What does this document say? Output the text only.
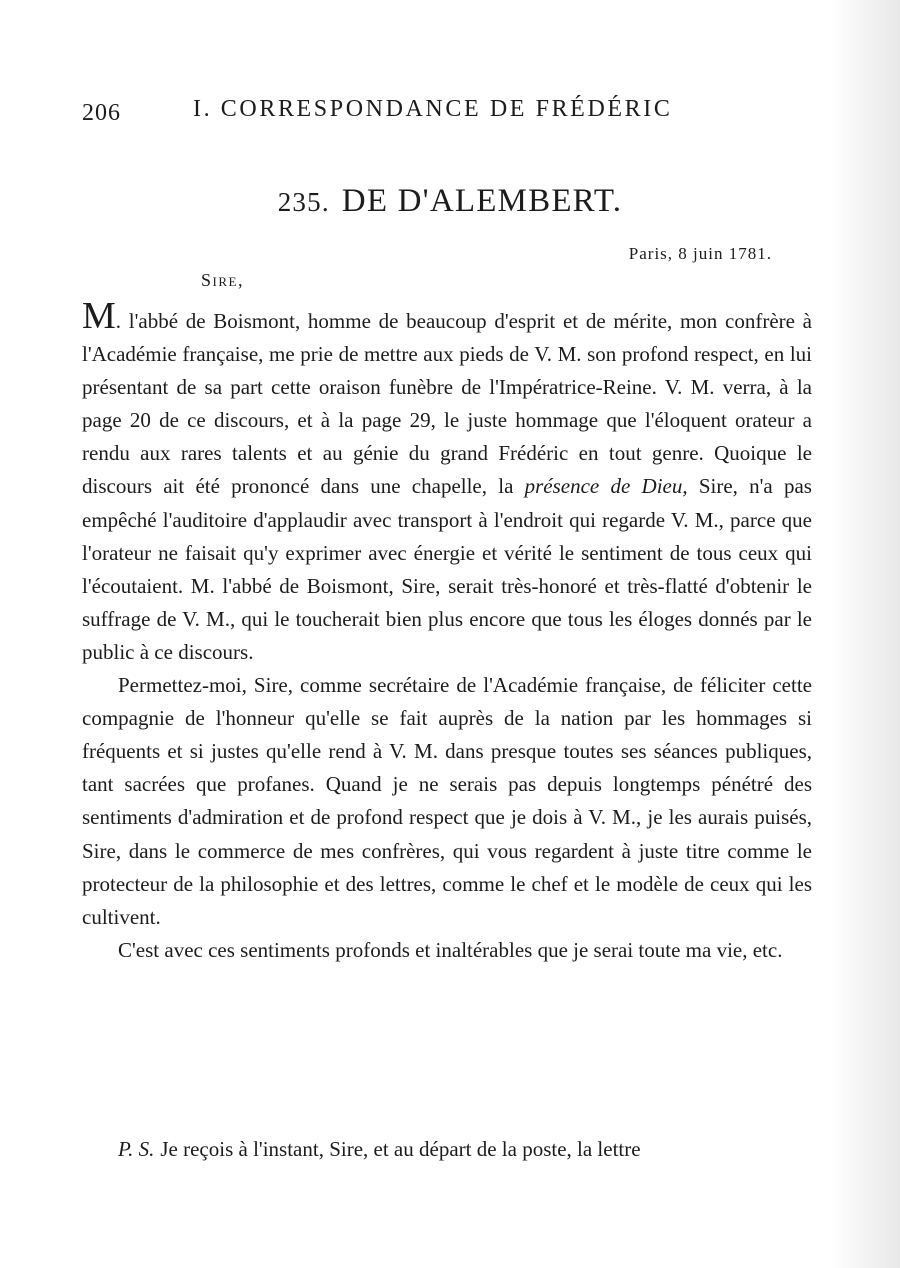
206	I. CORRESPONDANCE DE FRÉDÉRIC
235. DE D'ALEMBERT.
Paris, 8 juin 1781.
Sire,

M. l'abbé de Boismont, homme de beaucoup d'esprit et de mérite, mon confrère à l'Académie française, me prie de mettre aux pieds de V. M. son profond respect, en lui présentant de sa part cette oraison funèbre de l'Impératrice-Reine. V. M. verra, à la page 20 de ce discours, et à la page 29, le juste hommage que l'éloquent orateur a rendu aux rares talents et au génie du grand Frédéric en tout genre. Quoique le discours ait été prononcé dans une chapelle, la présence de Dieu, Sire, n'a pas empêché l'auditoire d'applaudir avec transport à l'endroit qui regarde V. M., parce que l'orateur ne faisait qu'y exprimer avec énergie et vérité le sentiment de tous ceux qui l'écoutaient. M. l'abbé de Boismont, Sire, serait très-honoré et très-flatté d'obtenir le suffrage de V. M., qui le toucherait bien plus encore que tous les éloges donnés par le public à ce discours.

Permettez-moi, Sire, comme secrétaire de l'Académie française, de féliciter cette compagnie de l'honneur qu'elle se fait auprès de la nation par les hommages si fréquents et si justes qu'elle rend à V. M. dans presque toutes ses séances publiques, tant sacrées que profanes. Quand je ne serais pas depuis longtemps pénétré des sentiments d'admiration et de profond respect que je dois à V. M., je les aurais puisés, Sire, dans le commerce de mes confrères, qui vous regardent à juste titre comme le protecteur de la philosophie et des lettres, comme le chef et le modèle de ceux qui les cultivent.

C'est avec ces sentiments profonds et inaltérables que je serai toute ma vie, etc.

P. S. Je reçois à l'instant, Sire, et au départ de la poste, la lettre
